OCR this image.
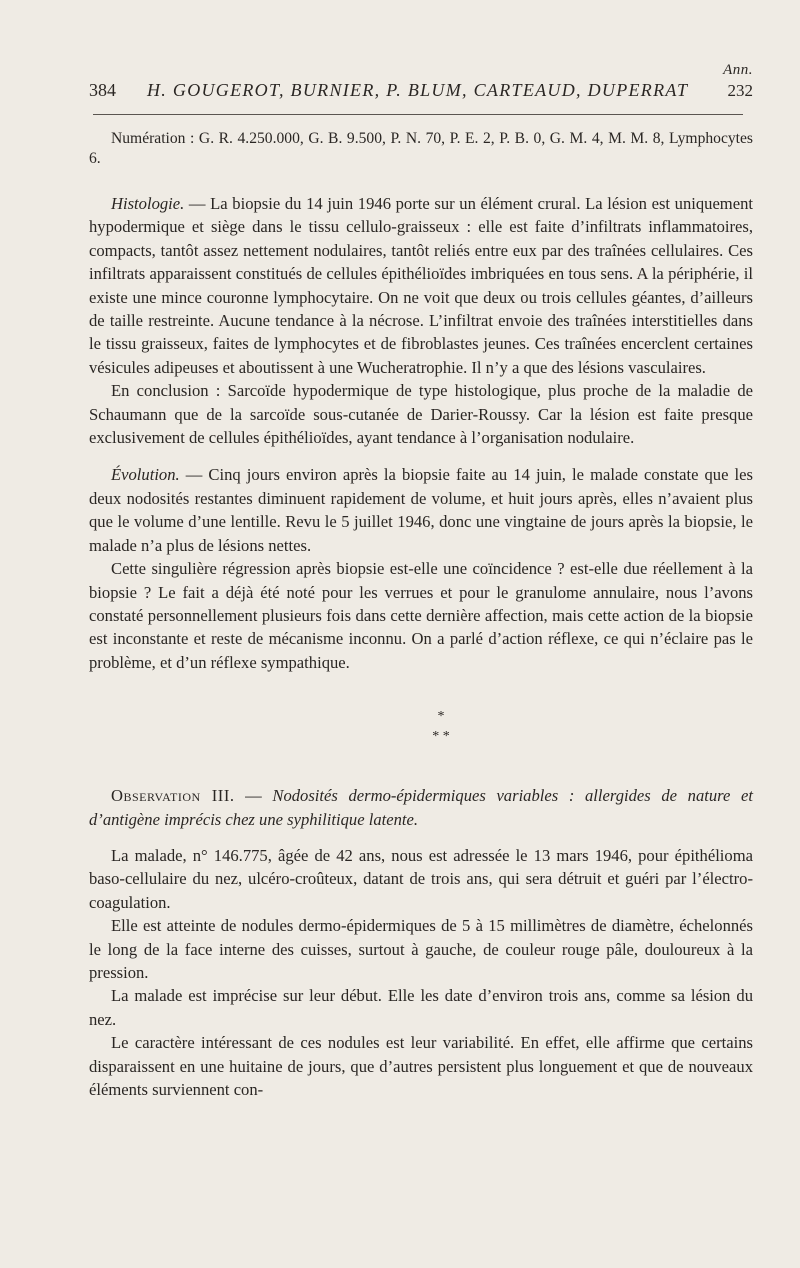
Ann.
384	H. GOUGEROT, BURNIER, P. BLUM, CARTEAUD, DUPERRAT	232

Numération : G. R. 4.250.000, G. B. 9.500, P. N. 70, P. E. 2, P. B. 0, G. M. 4, M. M. 8, Lymphocytes 6.

Histologie. — La biopsie du 14 juin 1946 porte sur un élément crural. La lésion est uniquement hypodermique et siège dans le tissu cellulo-graisseux : elle est faite d’infiltrats inflammatoires, compacts, tantôt assez nettement nodulaires, tantôt reliés entre eux par des traînées cellulaires. Ces infiltrats apparaissent constitués de cellules épithélioïdes imbriquées en tous sens. A la périphérie, il existe une mince couronne lymphocytaire. On ne voit que deux ou trois cellules géantes, d’ailleurs de taille restreinte. Aucune tendance à la nécrose. L’infiltrat envoie des traînées interstitielles dans le tissu graisseux, faites de lymphocytes et de fibroblastes jeunes. Ces traînées encerclent certaines vésicules adipeuses et aboutissent à une Wucheratrophie. Il n’y a que des lésions vasculaires.

En conclusion : Sarcoïde hypodermique de type histologique, plus proche de la maladie de Schaumann que de la sarcoïde sous-cutanée de Darier-Roussy. Car la lésion est faite presque exclusivement de cellules épithélioïdes, ayant tendance à l’organisation nodulaire.

Évolution. — Cinq jours environ après la biopsie faite au 14 juin, le malade constate que les deux nodosités restantes diminuent rapidement de volume, et huit jours après, elles n’avaient plus que le volume d’une lentille. Revu le 5 juillet 1946, donc une vingtaine de jours après la biopsie, le malade n’a plus de lésions nettes.

Cette singulière régression après biopsie est-elle une coïncidence ? est-elle due réellement à la biopsie ? Le fait a déjà été noté pour les verrues et pour le granulome annulaire, nous l’avons constaté personnellement plusieurs fois dans cette dernière affection, mais cette action de la biopsie est inconstante et reste de mécanisme inconnu. On a parlé d’action réflexe, ce qui n’éclaire pas le problème, et d’un réflexe sympathique.

*
* *

Observation III. — Nodosités dermo-épidermiques variables : allergides de nature et d’antigène imprécis chez une syphilitique latente.

La malade, n° 146.775, âgée de 42 ans, nous est adressée le 13 mars 1946, pour épithélioma baso-cellulaire du nez, ulcéro-croûteux, datant de trois ans, qui sera détruit et guéri par l’électro-coagulation.

Elle est atteinte de nodules dermo-épidermiques de 5 à 15 millimètres de diamètre, échelonnés le long de la face interne des cuisses, surtout à gauche, de couleur rouge pâle, douloureux à la pression.

La malade est imprécise sur leur début. Elle les date d’environ trois ans, comme sa lésion du nez.

Le caractère intéressant de ces nodules est leur variabilité. En effet, elle affirme que certains disparaissent en une huitaine de jours, que d’autres persistent plus longuement et que de nouveaux éléments surviennent con-
